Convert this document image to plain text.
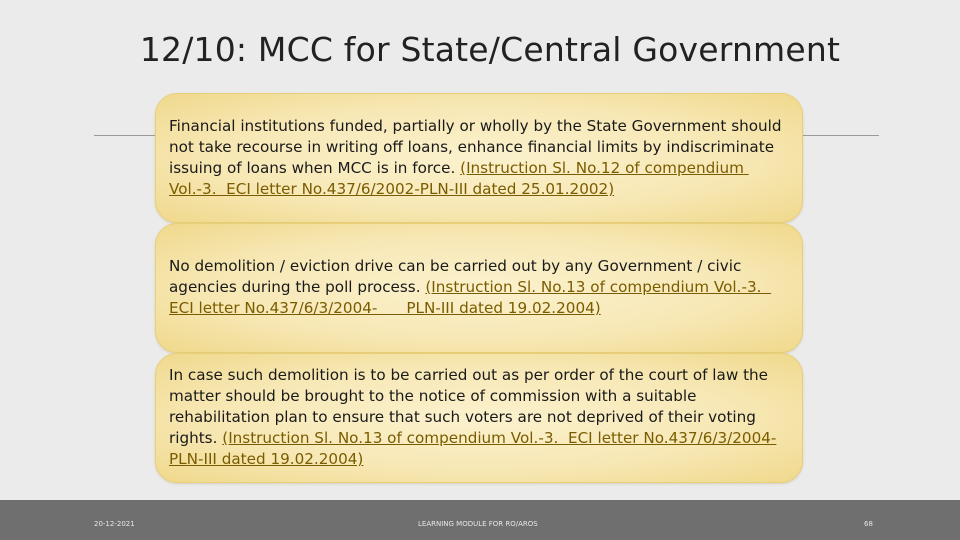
12/10: MCC for State/Central Government
Financial institutions funded, partially or wholly by the State Government should not take recourse in writing off loans, enhance financial limits by indiscriminate issuing of loans when MCC is in force. (Instruction Sl. No.12 of compendium Vol.-3.  ECI letter No.437/6/2002-PLN-III dated 25.01.2002)
No demolition / eviction drive can be carried out by any Government / civic agencies during the poll process. (Instruction Sl. No.13 of compendium Vol.-3.  ECI letter No.437/6/3/2004-      PLN-III dated 19.02.2004)
In case such demolition is to be carried out as per order of the court of law the matter should be brought to the notice of commission with a suitable rehabilitation plan to ensure that such voters are not deprived of their voting rights. (Instruction Sl. No.13 of compendium Vol.-3.  ECI letter No.437/6/3/2004-PLN-III dated 19.02.2004)
20-12-2021	LEARNING MODULE FOR RO/AROS	68
